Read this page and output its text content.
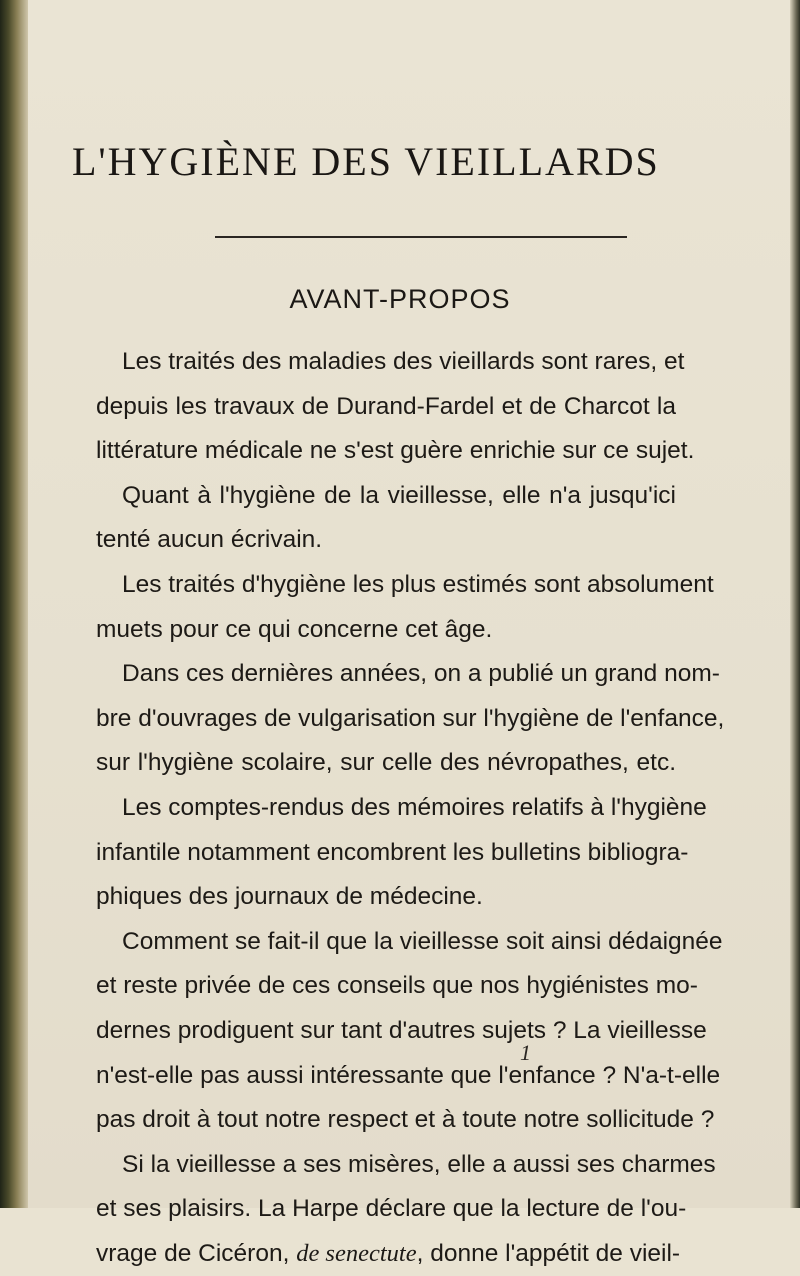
L'HYGIÈNE DES VIEILLARDS
AVANT-PROPOS
Les traités des maladies des vieillards sont rares, et
depuis les travaux de Durand-Fardel et de Charcot la
littérature médicale ne s'est guère enrichie sur ce sujet.
Quant à l'hygiène de la vieillesse, elle n'a jusqu'ici
tenté aucun écrivain.
Les traités d'hygiène les plus estimés sont absolument
muets pour ce qui concerne cet âge.
Dans ces dernières années, on a publié un grand nom-
bre d'ouvrages de vulgarisation sur l'hygiène de l'enfance,
sur l'hygiène scolaire, sur celle des névropathes, etc.
Les comptes-rendus des mémoires relatifs à l'hygiène
infantile notamment encombrent les bulletins bibliogra-
phiques des journaux de médecine.
Comment se fait-il que la vieillesse soit ainsi dédaignée
et reste privée de ces conseils que nos hygiénistes mo-
dernes prodiguent sur tant d'autres sujets ? La vieillesse
n'est-elle pas aussi intéressante que l'enfance ? N'a-t-elle
pas droit à tout notre respect et à toute notre sollicitude ?
Si la vieillesse a ses misères, elle a aussi ses charmes
et ses plaisirs. La Harpe déclare que la lecture de l'ou-
vrage de Cicéron, de senectute, donne l'appétit de vieil-
1
